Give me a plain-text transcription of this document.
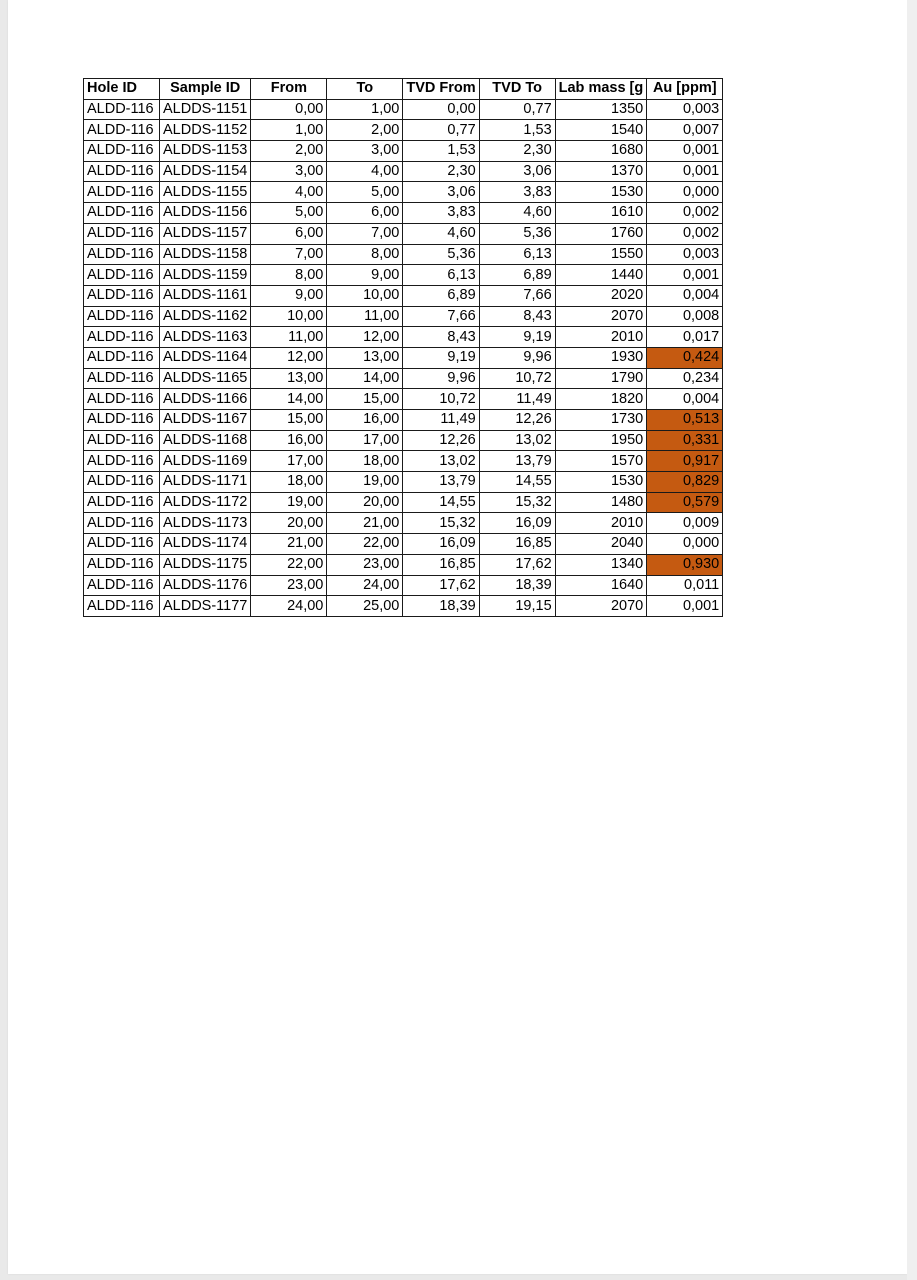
Hole ID	Sample ID	From	To	TVD From	TVD To	Lab mass [g	Au [ppm]
ALDD-116	ALDDS-1151	0,00	1,00	0,00	0,77	1350	0,003
ALDD-116	ALDDS-1152	1,00	2,00	0,77	1,53	1540	0,007
ALDD-116	ALDDS-1153	2,00	3,00	1,53	2,30	1680	0,001
ALDD-116	ALDDS-1154	3,00	4,00	2,30	3,06	1370	0,001
ALDD-116	ALDDS-1155	4,00	5,00	3,06	3,83	1530	0,000
ALDD-116	ALDDS-1156	5,00	6,00	3,83	4,60	1610	0,002
ALDD-116	ALDDS-1157	6,00	7,00	4,60	5,36	1760	0,002
ALDD-116	ALDDS-1158	7,00	8,00	5,36	6,13	1550	0,003
ALDD-116	ALDDS-1159	8,00	9,00	6,13	6,89	1440	0,001
ALDD-116	ALDDS-1161	9,00	10,00	6,89	7,66	2020	0,004
ALDD-116	ALDDS-1162	10,00	11,00	7,66	8,43	2070	0,008
ALDD-116	ALDDS-1163	11,00	12,00	8,43	9,19	2010	0,017
ALDD-116	ALDDS-1164	12,00	13,00	9,19	9,96	1930	0,424
ALDD-116	ALDDS-1165	13,00	14,00	9,96	10,72	1790	0,234
ALDD-116	ALDDS-1166	14,00	15,00	10,72	11,49	1820	0,004
ALDD-116	ALDDS-1167	15,00	16,00	11,49	12,26	1730	0,513
ALDD-116	ALDDS-1168	16,00	17,00	12,26	13,02	1950	0,331
ALDD-116	ALDDS-1169	17,00	18,00	13,02	13,79	1570	0,917
ALDD-116	ALDDS-1171	18,00	19,00	13,79	14,55	1530	0,829
ALDD-116	ALDDS-1172	19,00	20,00	14,55	15,32	1480	0,579
ALDD-116	ALDDS-1173	20,00	21,00	15,32	16,09	2010	0,009
ALDD-116	ALDDS-1174	21,00	22,00	16,09	16,85	2040	0,000
ALDD-116	ALDDS-1175	22,00	23,00	16,85	17,62	1340	0,930
ALDD-116	ALDDS-1176	23,00	24,00	17,62	18,39	1640	0,011
ALDD-116	ALDDS-1177	24,00	25,00	18,39	19,15	2070	0,001
